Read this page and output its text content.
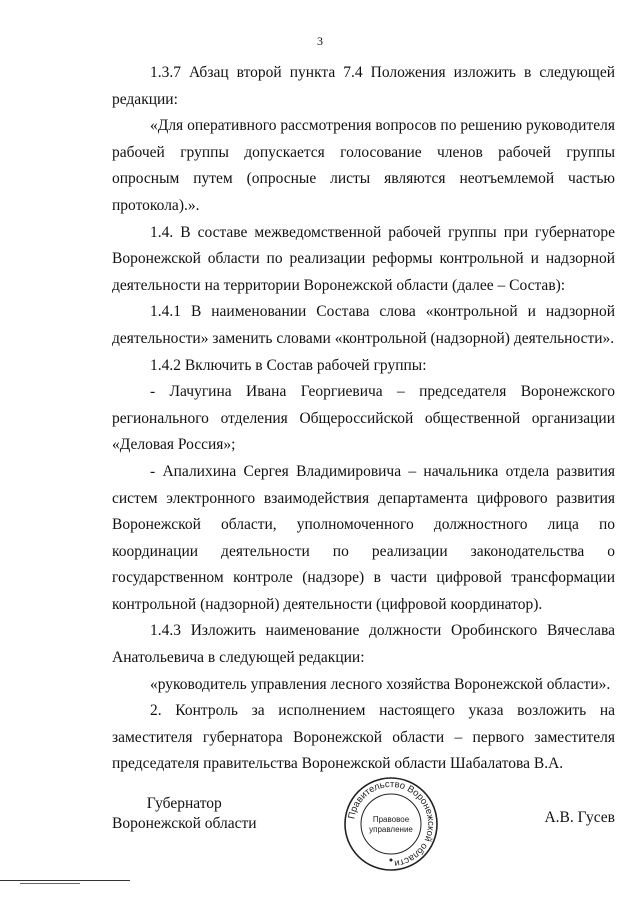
3

1.3.7 Абзац второй пункта 7.4 Положения изложить в следующей редакции:

«Для оперативного рассмотрения вопросов по решению руководителя рабочей группы допускается голосование членов рабочей группы опросным путем (опросные листы являются неотъемлемой частью протокола).».

1.4. В составе межведомственной рабочей группы при губернаторе Воронежской области по реализации реформы контрольной и надзорной деятельности на территории Воронежской области (далее – Состав):

1.4.1 В наименовании Состава слова «контрольной и надзорной деятельности» заменить словами «контрольной (надзорной) деятельности».

1.4.2 Включить в Состав рабочей группы:

- Лачугина Ивана Георгиевича – председателя Воронежского регионального отделения Общероссийской общественной организации «Деловая Россия»;

- Апалихина Сергея Владимировича – начальника отдела развития систем электронного взаимодействия департамента цифрового развития Воронежской области, уполномоченного должностного лица по координации деятельности по реализации законодательства о государственном контроле (надзоре) в части цифровой трансформации контрольной (надзорной) деятельности (цифровой координатор).

1.4.3 Изложить наименование должности Оробинского Вячеслава Анатольевича в следующей редакции:

«руководитель управления лесного хозяйства Воронежской области».

2. Контроль за исполнением настоящего указа возложить на заместителя губернатора Воронежской области – первого заместителя председателя правительства Воронежской области Шабалатова В.А.

Губернатор
Воронежской области	Правительство Воронежской области
Правовое
управление
А.В. Гусев
